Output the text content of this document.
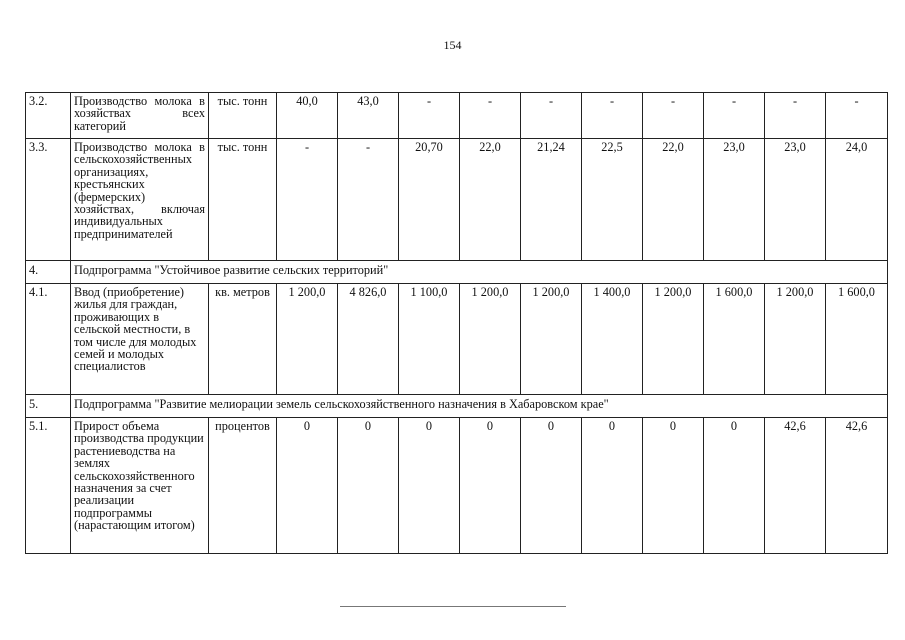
154
3.2.	Производство молока в хозяйствах всех категорий	тыс. тонн	40,0	43,0	-	-	-	-	-	-	-	-
3.3.	Производство молока в сельскохозяйственных организациях, крестьянских (фермерских) хозяйствах, включая индивидуальных предпринимателей	тыс. тонн	-	-	20,70	22,0	21,24	22,5	22,0	23,0	23,0	24,0
4.	Подпрограмма "Устойчивое развитие сельских территорий"											
4.1.	Ввод (приобретение) жилья для граждан, проживающих в сельской местности, в том числе для молодых семей и молодых специалистов	кв. метров	1 200,0	4 826,0	1 100,0	1 200,0	1 200,0	1 400,0	1 200,0	1 600,0	1 200,0	1 600,0
5.	Подпрограмма "Развитие мелиорации земель сельскохозяйственного назначения в Хабаровском крае"											
5.1.	Прирост объема производства продукции растениеводства на землях сельскохозяйственного назначения за счет реализации подпрограммы (нарастающим итогом)	процентов	0	0	0	0	0	0	0	0	42,6	42,6
